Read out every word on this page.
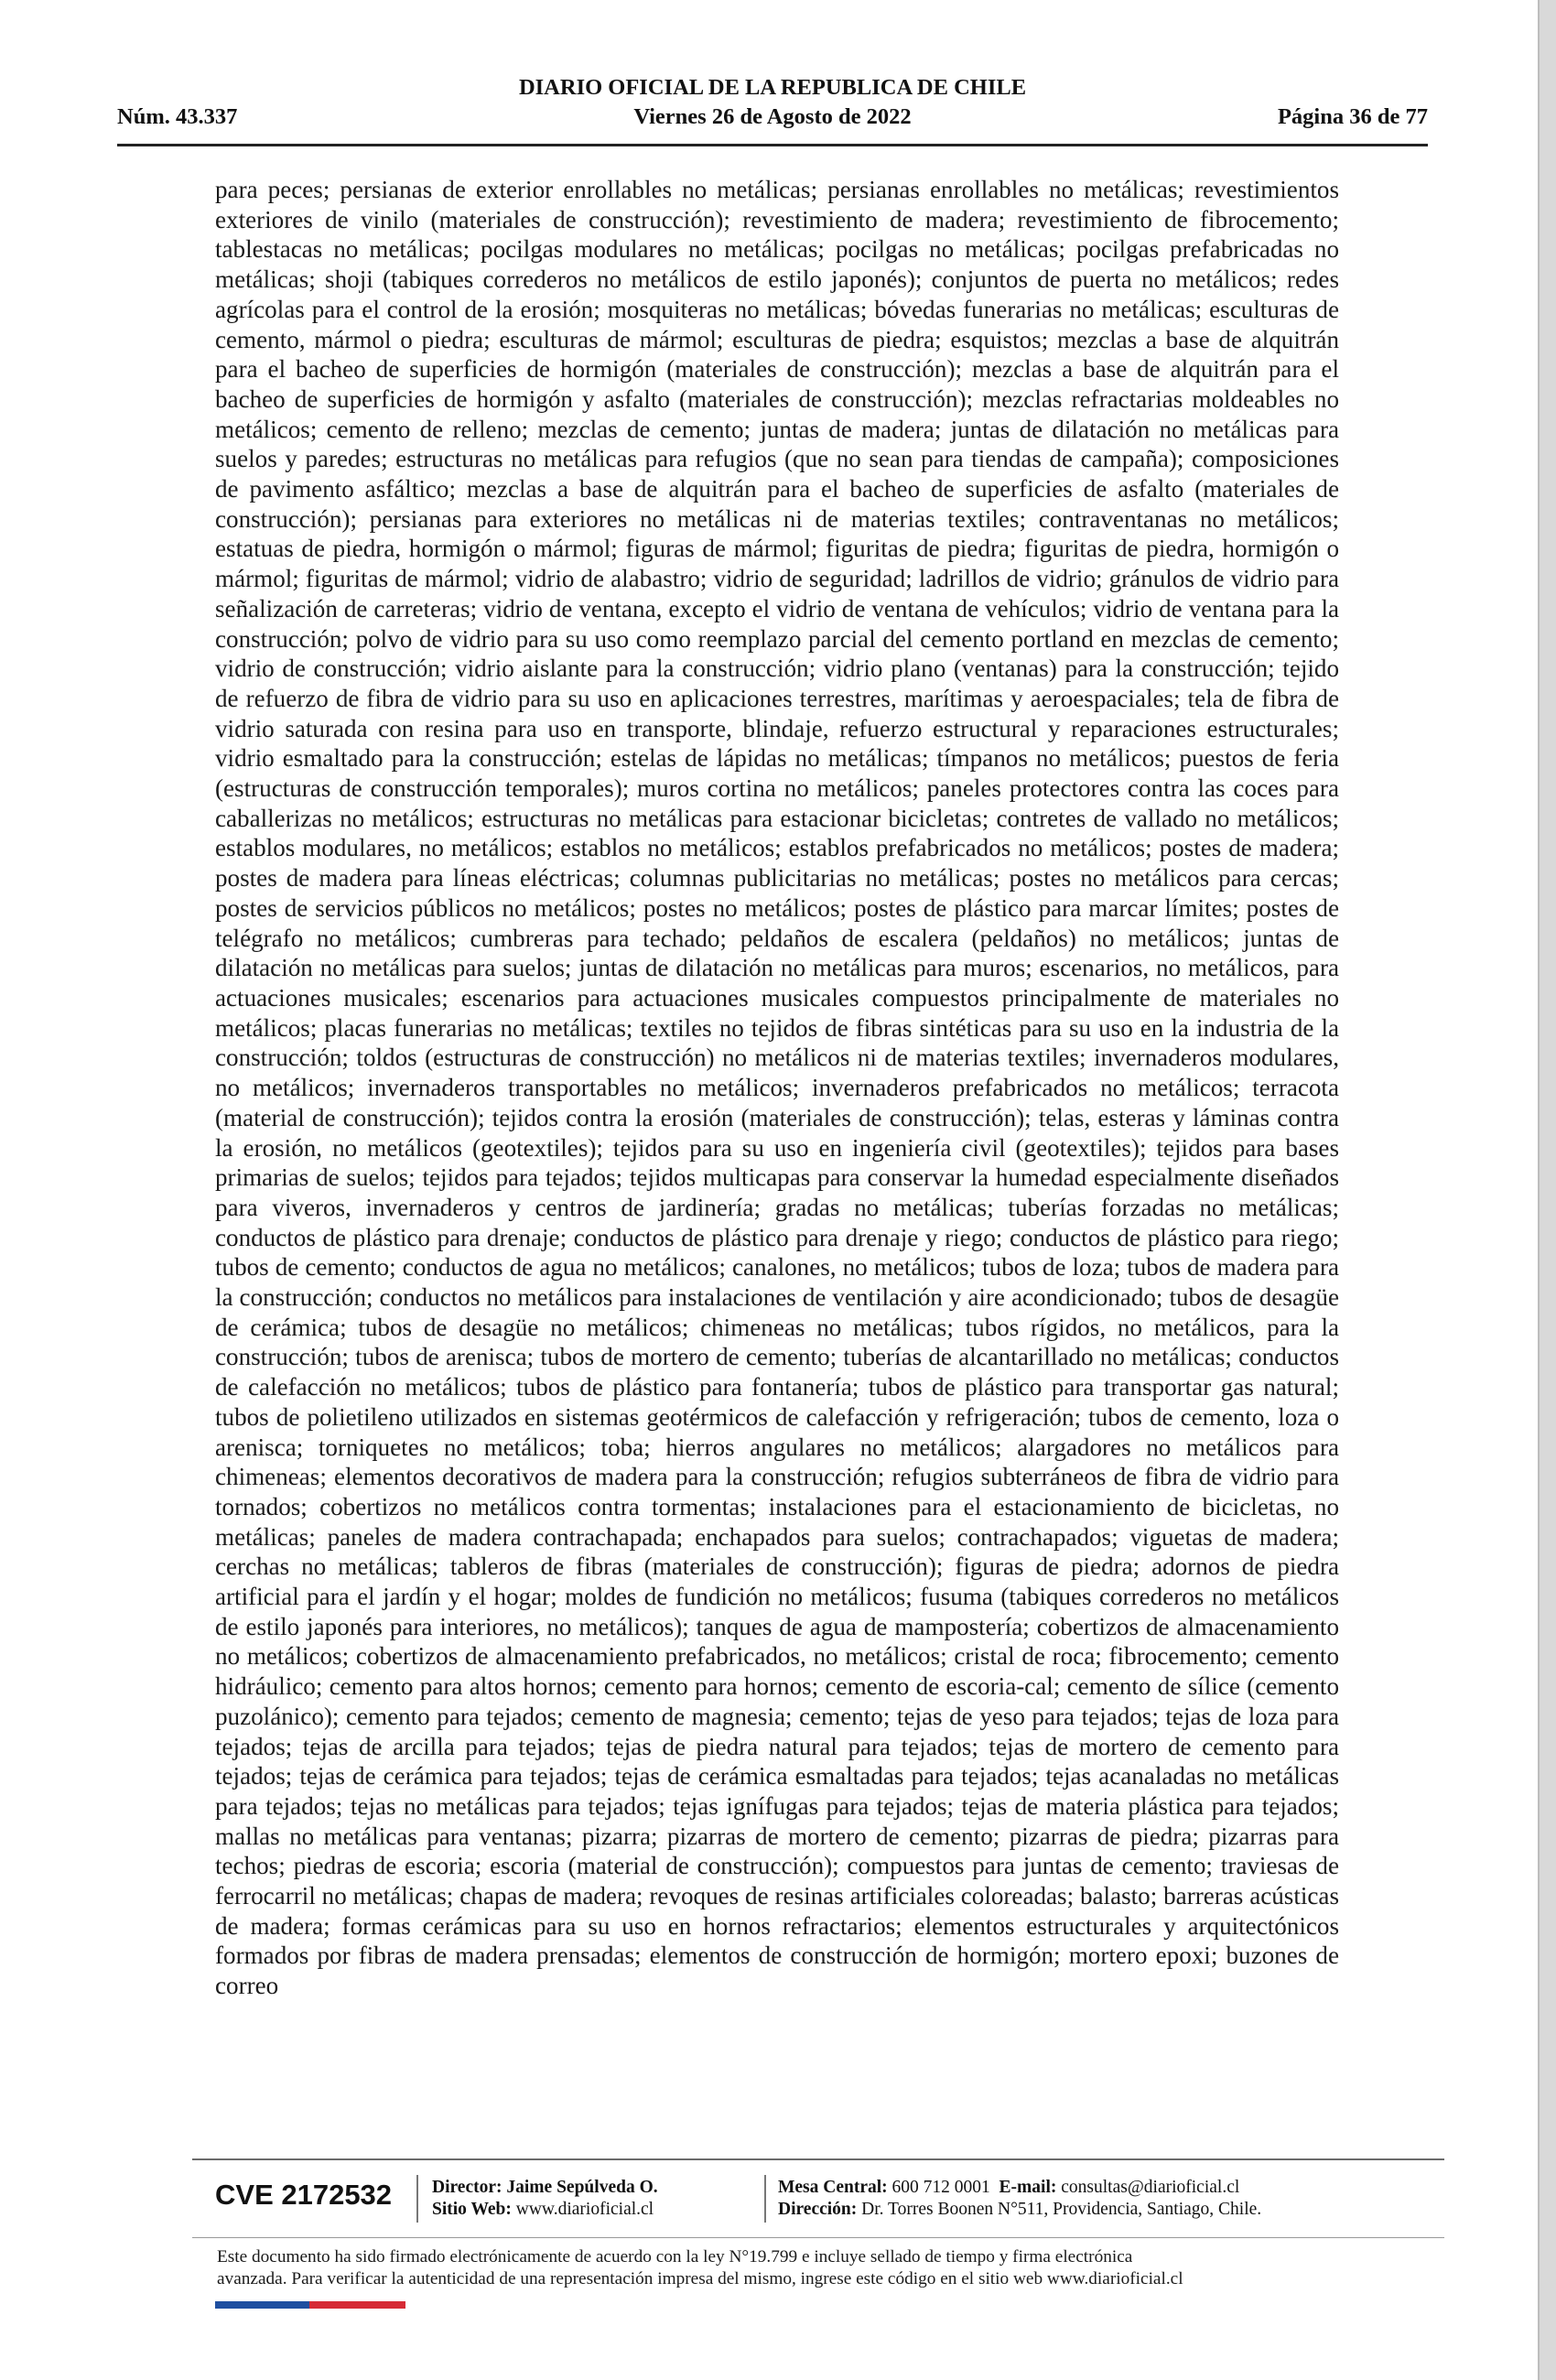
DIARIO OFICIAL DE LA REPUBLICA DE CHILE
Núm. 43.337	Viernes 26 de Agosto de 2022	Página 36 de 77

para peces; persianas de exterior enrollables no metálicas; persianas enrollables no metálicas; revestimientos exteriores de vinilo (materiales de construcción); revestimiento de madera; revestimiento de fibrocemento; tablestacas no metálicas; pocilgas modulares no metálicas; pocilgas no metálicas; pocilgas prefabricadas no metálicas; shoji (tabiques correderos no metálicos de estilo japonés); conjuntos de puerta no metálicos; redes agrícolas para el control de la erosión; mosquiteras no metálicas; bóvedas funerarias no metálicas; esculturas de cemento, mármol o piedra; esculturas de mármol; esculturas de piedra; esquistos; mezclas a base de alquitrán para el bacheo de superficies de hormigón (materiales de construcción); mezclas a base de alquitrán para el bacheo de superficies de hormigón y asfalto (materiales de construcción); mezclas refractarias moldeables no metálicos; cemento de relleno; mezclas de cemento; juntas de madera; juntas de dilatación no metálicas para suelos y paredes; estructuras no metálicas para refugios (que no sean para tiendas de campaña); composiciones de pavimento asfáltico; mezclas a base de alquitrán para el bacheo de superficies de asfalto (materiales de construcción); persianas para exteriores no metálicas ni de materias textiles; contraventanas no metálicos; estatuas de piedra, hormigón o mármol; figuras de mármol; figuritas de piedra; figuritas de piedra, hormigón o mármol; figuritas de mármol; vidrio de alabastro; vidrio de seguridad; ladrillos de vidrio; gránulos de vidrio para señalización de carreteras; vidrio de ventana, excepto el vidrio de ventana de vehículos; vidrio de ventana para la construcción; polvo de vidrio para su uso como reemplazo parcial del cemento portland en mezclas de cemento; vidrio de construcción; vidrio aislante para la construcción; vidrio plano (ventanas) para la construcción; tejido de refuerzo de fibra de vidrio para su uso en aplicaciones terrestres, marítimas y aeroespaciales; tela de fibra de vidrio saturada con resina para uso en transporte, blindaje, refuerzo estructural y reparaciones estructurales; vidrio esmaltado para la construcción; estelas de lápidas no metálicas; tímpanos no metálicos; puestos de feria (estructuras de construcción temporales); muros cortina no metálicos; paneles protectores contra las coces para caballerizas no metálicos; estructuras no metálicas para estacionar bicicletas; contretes de vallado no metálicos; establos modulares, no metálicos; establos no metálicos; establos prefabricados no metálicos; postes de madera; postes de madera para líneas eléctricas; columnas publicitarias no metálicas; postes no metálicos para cercas; postes de servicios públicos no metálicos; postes no metálicos; postes de plástico para marcar límites; postes de telégrafo no metálicos; cumbreras para techado; peldaños de escalera (peldaños) no metálicos; juntas de dilatación no metálicas para suelos; juntas de dilatación no metálicas para muros; escenarios, no metálicos, para actuaciones musicales; escenarios para actuaciones musicales compuestos principalmente de materiales no metálicos; placas funerarias no metálicas; textiles no tejidos de fibras sintéticas para su uso en la industria de la construcción; toldos (estructuras de construcción) no metálicos ni de materias textiles; invernaderos modulares, no metálicos; invernaderos transportables no metálicos; invernaderos prefabricados no metálicos; terracota (material de construcción); tejidos contra la erosión (materiales de construcción); telas, esteras y láminas contra la erosión, no metálicos (geotextiles); tejidos para su uso en ingeniería civil (geotextiles); tejidos para bases primarias de suelos; tejidos para tejados; tejidos multicapas para conservar la humedad especialmente diseñados para viveros, invernaderos y centros de jardinería; gradas no metálicas; tuberías forzadas no metálicas; conductos de plástico para drenaje; conductos de plástico para drenaje y riego; conductos de plástico para riego; tubos de cemento; conductos de agua no metálicos; canalones, no metálicos; tubos de loza; tubos de madera para la construcción; conductos no metálicos para instalaciones de ventilación y aire acondicionado; tubos de desagüe de cerámica; tubos de desagüe no metálicos; chimeneas no metálicas; tubos rígidos, no metálicos, para la construcción; tubos de arenisca; tubos de mortero de cemento; tuberías de alcantarillado no metálicas; conductos de calefacción no metálicos; tubos de plástico para fontanería; tubos de plástico para transportar gas natural; tubos de polietileno utilizados en sistemas geotérmicos de calefacción y refrigeración; tubos de cemento, loza o arenisca; torniquetes no metálicos; toba; hierros angulares no metálicos; alargadores no metálicos para chimeneas; elementos decorativos de madera para la construcción; refugios subterráneos de fibra de vidrio para tornados; cobertizos no metálicos contra tormentas; instalaciones para el estacionamiento de bicicletas, no metálicas; paneles de madera contrachapada; enchapados para suelos; contrachapados; viguetas de madera; cerchas no metálicas; tableros de fibras (materiales de construcción); figuras de piedra; adornos de piedra artificial para el jardín y el hogar; moldes de fundición no metálicos; fusuma (tabiques correderos no metálicos de estilo japonés para interiores, no metálicos); tanques de agua de mampostería; cobertizos de almacenamiento no metálicos; cobertizos de almacenamiento prefabricados, no metálicos; cristal de roca; fibrocemento; cemento hidráulico; cemento para altos hornos; cemento para hornos; cemento de escoria-cal; cemento de sílice (cemento puzolánico); cemento para tejados; cemento de magnesia; cemento; tejas de yeso para tejados; tejas de loza para tejados; tejas de arcilla para tejados; tejas de piedra natural para tejados; tejas de mortero de cemento para tejados; tejas de cerámica para tejados; tejas de cerámica esmaltadas para tejados; tejas acanaladas no metálicas para tejados; tejas no metálicas para tejados; tejas ignífugas para tejados; tejas de materia plástica para tejados; mallas no metálicas para ventanas; pizarra; pizarras de mortero de cemento; pizarras de piedra; pizarras para techos; piedras de escoria; escoria (material de construcción); compuestos para juntas de cemento; traviesas de ferrocarril no metálicas; chapas de madera; revoques de resinas artificiales coloreadas; balasto; barreras acústicas de madera; formas cerámicas para su uso en hornos refractarios; elementos estructurales y arquitectónicos formados por fibras de madera prensadas; elementos de construcción de hormigón; mortero epoxi; buzones de correo

CVE 2172532 Director: Jaime Sepúlveda O.
Sitio Web: www.diarioficial.cl
Mesa Central: 600 712 0001 E-mail: consultas@diarioficial.cl
Dirección: Dr. Torres Boonen N°511, Providencia, Santiago, Chile.
Este documento ha sido firmado electrónicamente de acuerdo con la ley N°19.799 e incluye sellado de tiempo y firma electrónica
avanzada. Para verificar la autenticidad de una representación impresa del mismo, ingrese este código en el sitio web www.diarioficial.cl
